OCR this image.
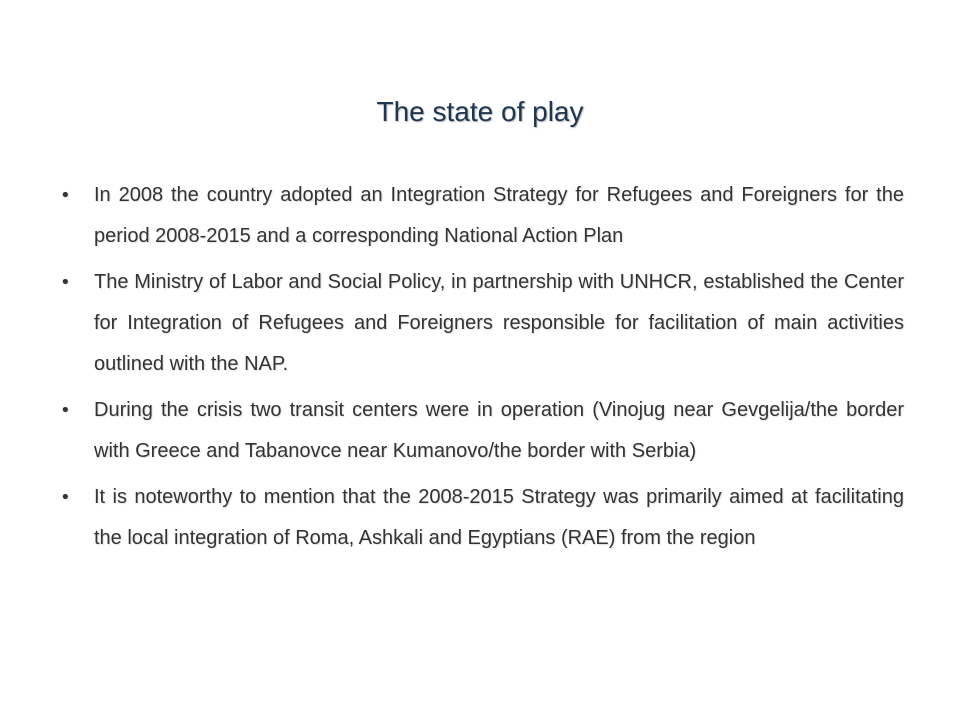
The state of play
•	In 2008 the country adopted an Integration Strategy for Refugees and Foreigners for the period 2008-2015 and a corresponding National Action Plan
•	The Ministry of Labor and Social Policy, in partnership with UNHCR, established the Center for Integration of Refugees and Foreigners responsible for facilitation of main activities outlined with the NAP.
•	During the crisis two transit centers were in operation (Vinojug near Gevgelija/the border with Greece and Tabanovce near Kumanovo/the border with Serbia)
•	It is noteworthy to mention that the 2008-2015 Strategy was primarily aimed at facilitating the local integration of Roma, Ashkali and Egyptians (RAE) from the region
